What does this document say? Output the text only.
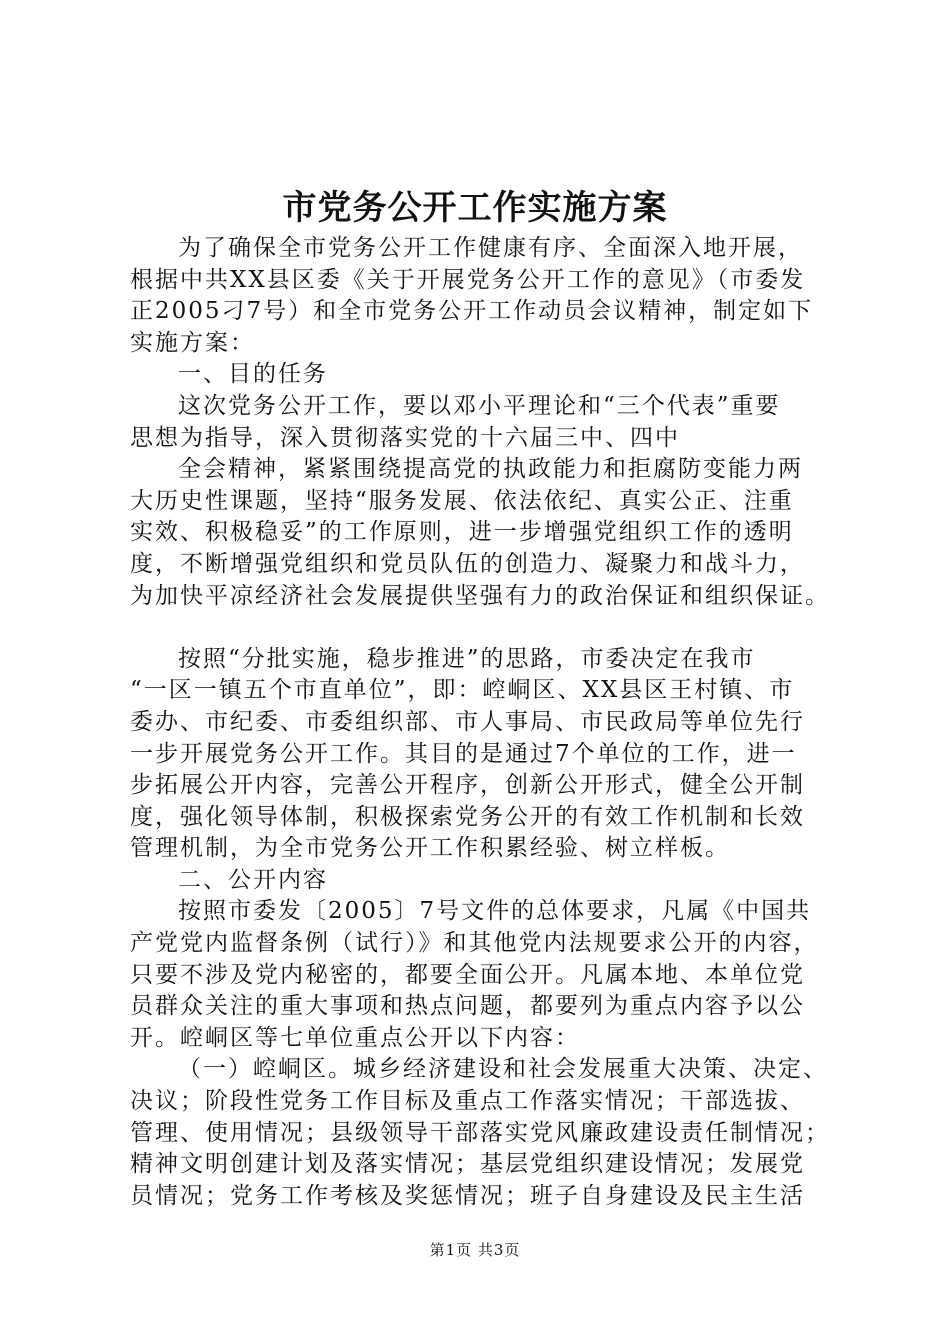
市党务公开工作实施方案
为了确保全市党务公开工作健康有序、全面深入地开展，
根据中共XX县区委《关于开展党务公开工作的意见》（市委发
正2005刁7号）和全市党务公开工作动员会议精神，制定如下
实施方案：
一、目的任务
这次党务公开工作，要以邓小平理论和“三个代表”重要
思想为指导，深入贯彻落实党的十六届三中、四中
全会精神，紧紧围绕提高党的执政能力和拒腐防变能力两
大历史性课题，坚持“服务发展、依法依纪、真实公正、注重
实效、积极稳妥”的工作原则，进一步增强党组织工作的透明
度，不断增强党组织和党员队伍的创造力、凝聚力和战斗力，
为加快平凉经济社会发展提供坚强有力的政治保证和组织保证。
按照“分批实施，稳步推进”的思路，市委决定在我市
“一区一镇五个市直单位”，即：崆峒区、XX县区王村镇、市
委办、市纪委、市委组织部、市人事局、市民政局等单位先行
一步开展党务公开工作。其目的是通过7个单位的工作，进一
步拓展公开内容，完善公开程序，创新公开形式，健全公开制
度，强化领导体制，积极探索党务公开的有效工作机制和长效
管理机制，为全市党务公开工作积累经验、树立样板。
二、公开内容
按照市委发〔2005〕7号文件的总体要求，凡属《中国共
产党党内监督条例（试行）》和其他党内法规要求公开的内容，
只要不涉及党内秘密的，都要全面公开。凡属本地、本单位党
员群众关注的重大事项和热点问题，都要列为重点内容予以公
开。崆峒区等七单位重点公开以下内容：
（一）崆峒区。城乡经济建设和社会发展重大决策、决定、
决议；阶段性党务工作目标及重点工作落实情况；干部选拔、
管理、使用情况；县级领导干部落实党风廉政建设责任制情况；
精神文明创建计划及落实情况；基层党组织建设情况；发展党
员情况；党务工作考核及奖惩情况；班子自身建设及民主生活
第1页 共3页
